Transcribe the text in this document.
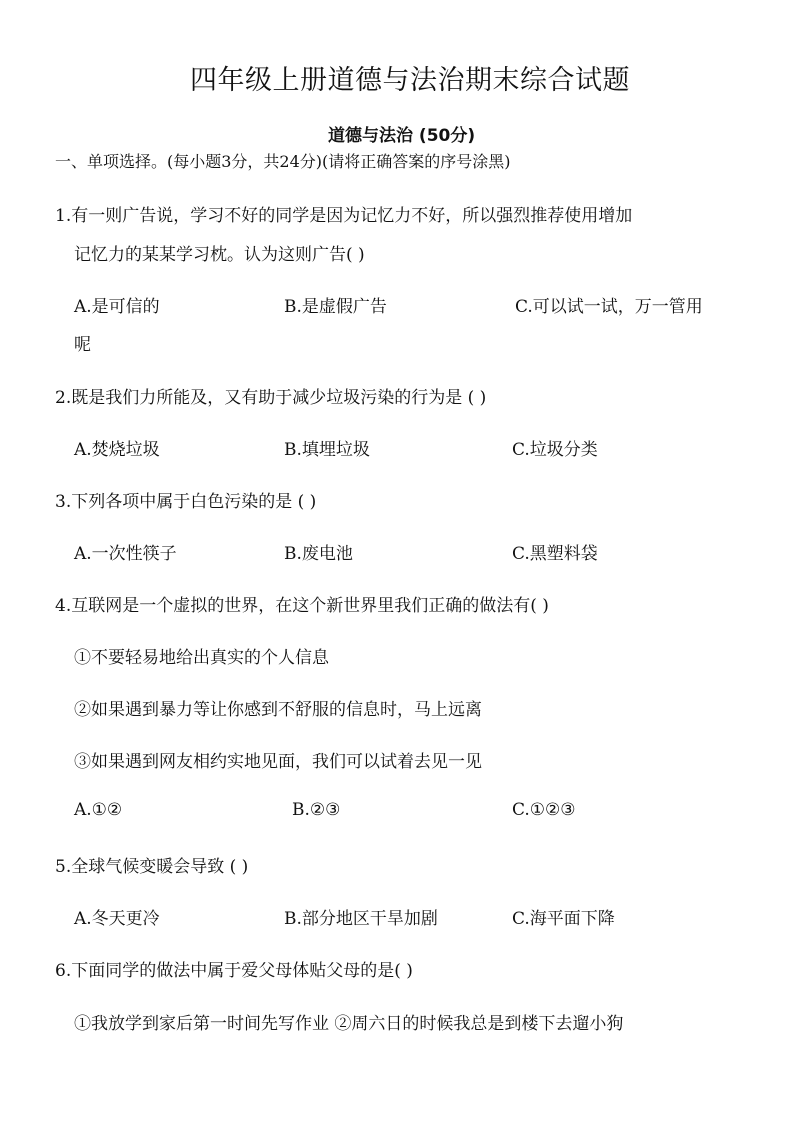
四年级上册道德与法治期末综合试题
道德与法治 (50分)
一、单项选择。(每小题3分，共24分)(请将正确答案的序号涂黑)
1.有一则广告说，学习不好的同学是因为记忆力不好，所以强烈推荐使用增加
记忆力的某某学习枕。认为这则广告( )
A.是可信的	B.是虚假广告	C.可以试一试，万一管用
呢
2.既是我们力所能及，又有助于减少垃圾污染的行为是 ( )
A.焚烧垃圾	B.填埋垃圾	C.垃圾分类
3.下列各项中属于白色污染的是 ( )
A.一次性筷子	B.废电池	C.黑塑料袋
4.互联网是一个虚拟的世界，在这个新世界里我们正确的做法有( )
①不要轻易地给出真实的个人信息
②如果遇到暴力等让你感到不舒服的信息时，马上远离
③如果遇到网友相约实地见面，我们可以试着去见一见
A.①②	B.②③	C.①②③
5.全球气候变暖会导致 ( )
A.冬天更冷	B.部分地区干旱加剧	C.海平面下降
6.下面同学的做法中属于爱父母体贴父母的是( )
①我放学到家后第一时间先写作业 ②周六日的时候我总是到楼下去遛小狗
